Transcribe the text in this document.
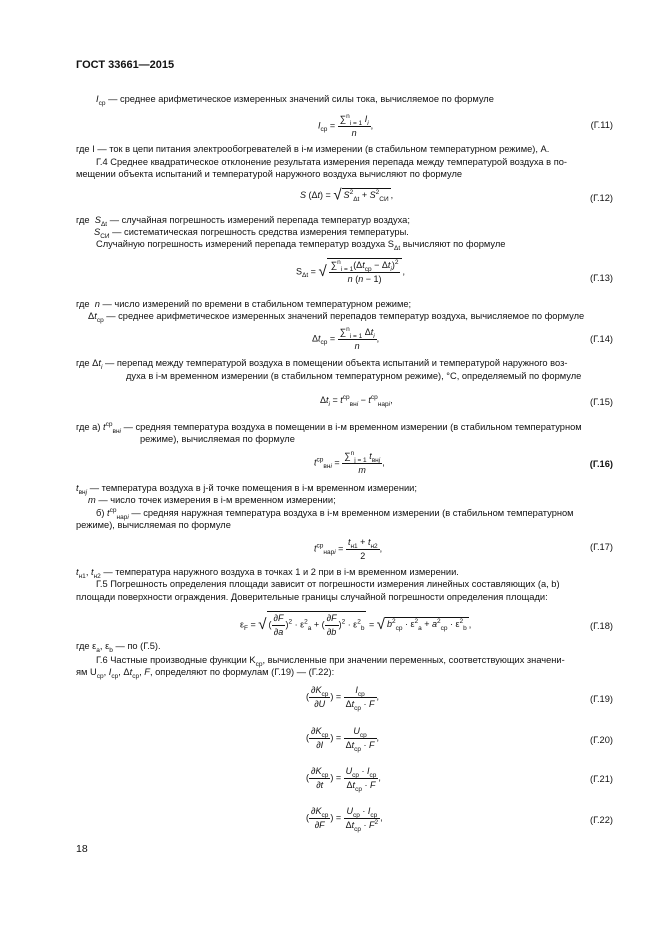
ГОСТ 33661—2015
$I_{ср}$ — среднее арифметическое измеренных значений силы тока, вычисляемое по формуле
$I_{ср} = \frac{\sum^n_{i = 1} I_i}{n}$ ,	(Г.11)
где I — ток в цепи питания электрообогревателей в i-м измерении (в стабильном температурном режиме), А.
Г.4 Среднее квадратическое отклонение результата измерения перепада между температурой воздуха в по-
мещении объекта испытаний и температурой наружного воздуха вычисляют по формуле
S (Δt) = √ $S^2_{\Delta t} + S^2_{СИ}$ ,	(Г.12)
где $S_{\Delta t}$ — случайная погрешность измерений перепада температур воздуха;
$S_{СИ}$ — систематическая погрешность средства измерения температуры.
Случайную погрешность измерений перепада температур воздуха $S_{\Delta t}$ вычисляют по формуле
$S_{\Delta t}$ = √ $\frac{\sum^n_{i = 1}(\Delta t_{ср} - \Delta t_i)^2}{n (n - 1)}$ ,
(Г.13)
где n — число измерений по времени в стабильном температурном режиме;
$\Delta t_{ср}$ — среднее арифметическое измеренных значений перепадов температур воздуха, вычисляемое по формуле
$\Delta t_{ср} = \frac{\sum^n_{i = 1} \Delta t_i}{n}$ ,	(Г.14)
где $\Delta t_i$ — перепад между температурой воздуха в помещении объекта испытаний и температурой наружного воз-
духа в i-м временном измерении (в стабильном температурном режиме), °С, определяемый по формуле
$\Delta t_i = t^{ср}_{внi} - t^{ср}_{нарi}$,	(Г.15)
где а) $t^{ср}_{внi}$ — средняя температура воздуха в помещении в i-м временном измерении (в стабильном температурном
режиме), вычисляемая по формуле
$t^{ср}_{внi} = \frac{\sum^n_{j = 1} t_{внj}}{m}$ ,	(Г.16)
$t_{внj}$ — температура воздуха в j-й точке помещения в i-м временном измерении;
m — число точек измерения в i-м временном измерении;
б) $t^{ср}_{нарi}$ — средняя наружная температура воздуха в i-м временном измерении (в стабильном температурном
режиме), вычисляемая по формуле
$t^{ср}_{нарi} = \frac{t_{н1} + t_{н2}}{2}$ ,	(Г.17)
$t_{н1}$, $t_{н2}$ — температура наружного воздуха в точках 1 и 2 при в i-м временном измерении.
Г.5 Погрешность определения площади зависит от погрешности измерения линейных составляющих (a, b)
площади поверхности ограждения. Доверительные границы случайной погрешности определения площади:
$\varepsilon_F$ = √ ( $\frac{\partial F}{\partial a} )^2 \cdot \varepsilon^2_a$ + ( $\frac{\partial F}{\partial b} )^2 \cdot \varepsilon^2_b$ = √ $b^2_{ср} \cdot \varepsilon^2_a + a^2_{ср} \cdot \varepsilon^2_b$ ,	(Г.18)
где $\varepsilon_a$, $\varepsilon_b$ — по (Г.5).
Г.6 Частные производные функции $K_{ср}$, вычисленные при значении переменных, соответствующих значени-
ям $U_{ср}$, $I_{ср}$, $\Delta t_{ср}$, F, определяют по формулам (Г.19) — (Г.22):
( $\frac{\partial K_{ср}}{\partial U}$ ) = $\frac{I_{ср}}{\Delta t_{ср} \cdot F}$ ,	(Г.19)
( $\frac{\partial K_{ср}}{\partial I}$ ) = $\frac{U_{ср}}{\Delta t_{ср} \cdot F}$ ,	(Г.20)
( $\frac{\partial K_{ср}}{\partial t}$ ) = $\frac{U_{ср} \cdot I_{ср}}{\Delta t_{ср} \cdot F}$ ,	(Г.21)
( $\frac{\partial K_{ср}}{\partial F}$ ) = $\frac{U_{ср} \cdot I_{ср}}{\Delta t_{ср} \cdot F^2}$ ,	(Г.22)
18
